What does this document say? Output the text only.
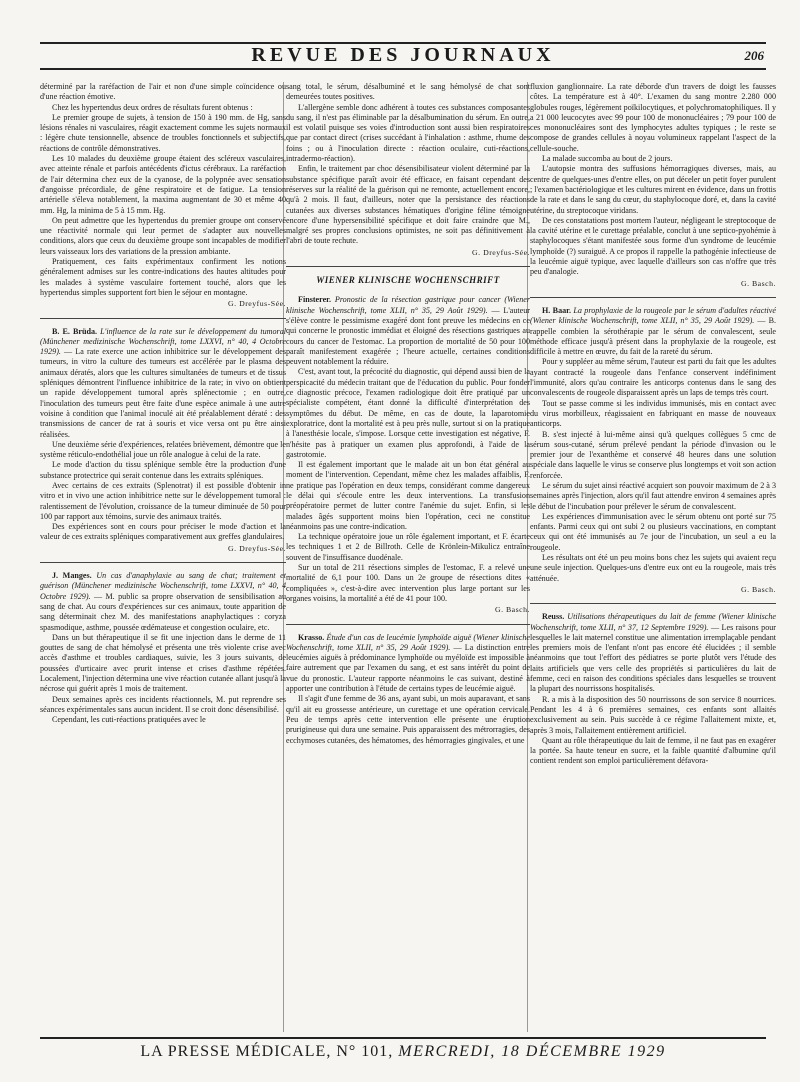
REVUE DES JOURNAUX	206

déterminé par la raréfaction de l'air et non d'une simple coïncidence ou d'une réaction émotive.

Chez les hypertendus deux ordres de résultats furent obtenus :

Le premier groupe de sujets, à tension de 150 à 190 mm. de Hg, sans lésions rénales ni vasculaires, réagit exactement comme les sujets normaux : légère chute tensionnelle, absence de troubles fonctionnels et subjectifs, réactions de contrôle démonstratives.

Les 10 malades du deuxième groupe étaient des scléreux vasculaires, avec atteinte rénale et parfois antécédents d'ictus cérébraux. La raréfaction de l'air détermina chez eux de la cyanose, de la polypnée avec sensation d'angoisse précordiale, de gêne respiratoire et de fatigue. La tension artérielle s'éleva notablement, la maxima augmentant de 30 et même 40 mm. Hg, la minima de 5 à 15 mm. Hg.

On peut admettre que les hypertendus du premier groupe ont conservé une réactivité normale qui leur permet de s'adapter aux nouvelles conditions, alors que ceux du deuxième groupe sont incapables de modifier leurs vaisseaux lors des variations de la pression ambiante.

Pratiquement, ces faits expérimentaux confirment les notions généralement admises sur les contre-indications des hautes altitudes pour les malades à système vasculaire fortement touché, alors que les hypertendus simples supportent fort bien le séjour en montagne.

G. Dreyfus-Sée.

B. E. Brüda. L'influence de la rate sur le développement du tumoral (Münchener medizinische Wochenschrift, tome LXXVI, n° 40, 4 Octobre 1929). — La rate exerce une action inhibitrice sur le développement des tumeurs, in vitro la culture des tumeurs est accélérée par le plasma des animaux dératés, alors que les cultures simultanées de tumeurs et de tissus spléniques démontrent l'influence inhibitrice de la rate; in vivo on obtient un rapide développement tumoral après splénectomie ; en outre, l'inoculation des tumeurs peut être faite d'une espèce animale à une autre voisine à condition que l'animal inoculé ait été préalablement dératé : des transmissions de cancer de rat à souris et vice versa ont pu être ainsi réalisées.

Une deuxième série d'expériences, relatées brièvement, démontre que le système réticulo-endothélial joue un rôle analogue à celui de la rate.

Le mode d'action du tissu splénique semble être la production d'une substance protectrice qui serait contenue dans les extraits spléniques.

Avec certains de ces extraits (Splenotrat) il est possible d'obtenir in vitro et in vivo une action inhibitrice nette sur le développement tumoral : ralentissement de l'évolution, croissance de la tumeur diminuée de 50 pour 100 par rapport aux témoins, survie des animaux traités.

Des expériences sont en cours pour préciser le mode d'action et la valeur de ces extraits spléniques comparativement aux greffes glandulaires.

G. Dreyfus-Sée.

J. Manges. Un cas d'anaphylaxie au sang de chat; traitement et guérison (Münchener medizinische Wochenschrift, tome LXXVI, n° 40, 4 Octobre 1929). — M. public sa propre observation de sensibilisation au sang de chat. Au cours d'expériences sur ces animaux, toute apparition de sang déterminait chez M. des manifestations anaphylactiques : coryza spasmodique, asthme, poussée œdémateuse et congestion oculaire, etc.

Dans un but thérapeutique il se fit une injection dans le derme de 11 gouttes de sang de chat hémolysé et présenta une très violente crise avec accès d'asthme et troubles cardiaques, suivie, les 3 jours suivants, de poussées d'urticaire avec prurit intense et crises d'asthme répétées. Localement, l'injection détermina une vive réaction cutanée allant jusqu'à la nécrose qui guérit après 1 mois de traitement.

Deux semaines après ces incidents réactionnels, M. put reprendre ses séances expérimentales sans aucun incident. Il se croit donc désensibilisé.

Cependant, les cuti-réactions pratiquées avec le

sang total, le sérum, désalbuminé et le sang hémolysé de chat sont demeurées toutes positives.

L'allergène semble donc adhérent à toutes ces substances composantes du sang, il n'est pas éliminable par la désalbumination du sérum. En outre, il est volatil puisque ses voies d'introduction sont aussi bien respiratoires que par contact direct (crises succédant à l'inhalation : asthme, rhume des foins ; ou à l'inoculation directe : réaction oculaire, cuti-réactions, intradermo-réaction).

Enfin, le traitement par choc désensibilisateur violent déterminé par la substance spécifique paraît avoir été efficace, en faisant cependant des réserves sur la réalité de la guérison qui ne remonte, actuellement encore, qu'à 2 mois. Il faut, d'ailleurs, noter que la persistance des réactions cutanées aux diverses substances hématiques d'origine féline témoigne encore d'une hypersensibilité spécifique et doit faire craindre que M., malgré ses propres conclusions optimistes, ne soit pas définitivement à l'abri de toute rechute.

G. Dreyfus-Sée.
WIENER KLINISCHE WOCHENSCHRIFT

Finsterer. Pronostic de la résection gastrique pour cancer (Wiener klinische Wochenschrift, tome XLII, n° 35, 29 Août 1929). — L'auteur s'élève contre le pessimisme exagéré dont font preuve les médecins en ce qui concerne le pronostic immédiat et éloigné des résections gastriques au cours du cancer de l'estomac. La proportion de mortalité de 50 pour 100 paraît manifestement exagérée ; l'heure actuelle, certaines conditions peuvent notablement la réduire.

C'est, avant tout, la précocité du diagnostic, qui dépend aussi bien de la perspicacité du médecin traitant que de l'éducation du public. Pour fonder ce diagnostic précoce, l'examen radiologique doit être pratiqué par un spécialiste compétent, étant donné la difficulté d'interprétation des symptômes du début. De même, en cas de doute, la laparotomie exploratrice, dont la mortalité est à peu près nulle, surtout si on la pratique à l'anesthésie locale, s'impose. Lorsque cette investigation est négative, F. n'hésite pas à pratiquer un examen plus approfondi, à l'aide de la gastrotomie.

Il est également important que le malade ait un bon état général au moment de l'intervention. Cependant, même chez les malades affaiblis, F. ne pratique pas l'opération en deux temps, considérant comme dangereux le délai qui s'écoule entre les deux interventions. La transfusion préopératoire permet de lutter contre l'anémie du sujet. Enfin, si les malades âgés supportent moins bien l'opération, ceci ne constitue néanmoins pas une contre-indication.

La technique opératoire joue un rôle également important, et F. écarte les techniques 1 et 2 de Billroth. Celle de Krönlein-Mikulicz entraîne souvent de l'insuffisance duodénale.

Sur un total de 211 résections simples de l'estomac, F. a relevé une mortalité de 6,1 pour 100. Dans un 2e groupe de résections dites « compliquées », c'est-à-dire avec intervention plus large portant sur les organes voisins, la mortalité a été de 41 pour 100.

G. Basch.

Krasso. Étude d'un cas de leucémie lymphoïde aiguë (Wiener klinische Wochenschrift, tome XLII, n° 35, 29 Août 1929). — La distinction entre leucémies aiguës à prédominance lymphoïde ou myéloïde est impossible à faire autrement que par l'examen du sang, et est sans intérêt du point de vue du pronostic. L'auteur rapporte néanmoins le cas suivant, destiné à apporter une contribution à l'étude de certains types de leucémie aiguë.

Il s'agit d'une femme de 36 ans, ayant subi, un mois auparavant, et sans qu'il ait eu grossesse antérieure, un curettage et une opération cervicale. Peu de temps après cette intervention elle présente une éruption prurigineuse qui dura une semaine. Puis apparaissent des métrorragies, des ecchymoses cutanées, des hématomes, des hémorragies gingivales, et une

fluxion ganglionnaire. La rate déborde d'un travers de doigt les fausses côtes. La température est à 40°. L'examen du sang montre 2.280 000 globules rouges, légèrement poïkilocytiques, et polychromatophiliques. Il y a 21 000 leucocytes avec 99 pour 100 de mononucléaires ; 79 pour 100 de ces mononucléaires sont des lymphocytes adultes typiques ; le reste se compose de grandes cellules à noyau volumineux rappelant l'aspect de la cellule-souche.

La malade succomba au bout de 2 jours.

L'autopsie montra des suffusions hémorragiques diverses, mais, au centre de quelques-unes d'entre elles, on put déceler un petit foyer purulent ; l'examen bactériologique et les cultures mirent en évidence, dans un frottis de la rate et dans le sang du cœur, du staphylocoque doré, et, dans la cavité utérine, du streptocoque viridans.

De ces constatations post mortem l'auteur, négligeant le streptocoque de la cavité utérine et le curettage préalable, conclut à une septico-pyohémie à staphylocoques s'étant manifestée sous forme d'un syndrome de leucémie lymphoïde (?) suraiguë. A ce propos il rappelle la pathogénie infectieuse de la leucémie aiguë typique, avec laquelle d'ailleurs son cas n'offre que très peu d'analogie.

G. Basch.

H. Baar. La prophylaxie de la rougeole par le sérum d'adultes réactivé (Wiener klinische Wochenschrift, tome XLII, n° 35, 29 Août 1929). — B. rappelle combien la sérothérapie par le sérum de convalescent, seule méthode efficace jusqu'à présent dans la prophylaxie de la rougeole, est difficile à mettre en œuvre, du fait de la rareté du sérum.

Pour y suppléer au même sérum, l'auteur est parti du fait que les adultes ayant contracté la rougeole dans l'enfance conservent indéfiniment l'immunité, alors qu'au contraire les anticorps contenus dans le sang des convalescents de rougeole disparaissent après un laps de temps très court.

Tout se passe comme si les individus immunisés, mis en contact avec du virus morbilleux, réagissaient en fabriquant en masse de nouveaux anticorps.

B. s'est injecté à lui-même ainsi qu'à quelques collègues 5 cmc de sérum sous-cutané, sérum prélevé pendant la période d'invasion ou le premier jour de l'exanthème et conservé 48 heures dans une solution spéciale dans laquelle le virus se conserve plus longtemps et voit son action renforcée.

Le sérum du sujet ainsi réactivé acquiert son pouvoir maximum de 2 à 3 semaines après l'injection, alors qu'il faut attendre environ 4 semaines après le début de l'incubation pour prélever le sérum de convalescent.

Les expériences d'immunisation avec le sérum obtenu ont porté sur 75 enfants. Parmi ceux qui ont subi 2 ou plusieurs vaccinations, en comptant ceux qui ont été immunisés au 7e jour de l'incubation, un seul a eu la rougeole.

Les résultats ont été un peu moins bons chez les sujets qui avaient reçu une seule injection. Quelques-uns d'entre eux ont eu la rougeole, mais très atténuée.

G. Basch.

Reuss. Utilisations thérapeutiques du lait de femme (Wiener klinische Wochenschrift, tome XLII, n° 37, 12 Septembre 1929). — Les raisons pour lesquelles le lait maternel constitue une alimentation irremplaçable pendant les premiers mois de l'enfant n'ont pas encore été élucidées ; il semble néanmoins que tout l'effort des pédiatres se porte plutôt vers l'étude des laits artificiels que vers celle des propriétés si particulières du lait de femme, ceci en raison des conditions spéciales dans lesquelles se trouvent la plupart des nourrissons hospitalisés.

R. a mis à la disposition des 50 nourrissons de son service 8 nourrices. Pendant les 4 à 6 premières semaines, ces enfants sont allaités exclusivement au sein. Puis succède à ce régime l'allaitement mixte, et, après 3 mois, l'allaitement entièrement artificiel.

Quant au rôle thérapeutique du lait de femme, il ne faut pas en exagérer la portée. Sa haute teneur en sucre, et la faible quantité d'albumine qu'il contient rendent son emploi particulièrement défavora-

LA PRESSE MÉDICALE, N° 101, MERCREDI, 18 DÉCEMBRE 1929
